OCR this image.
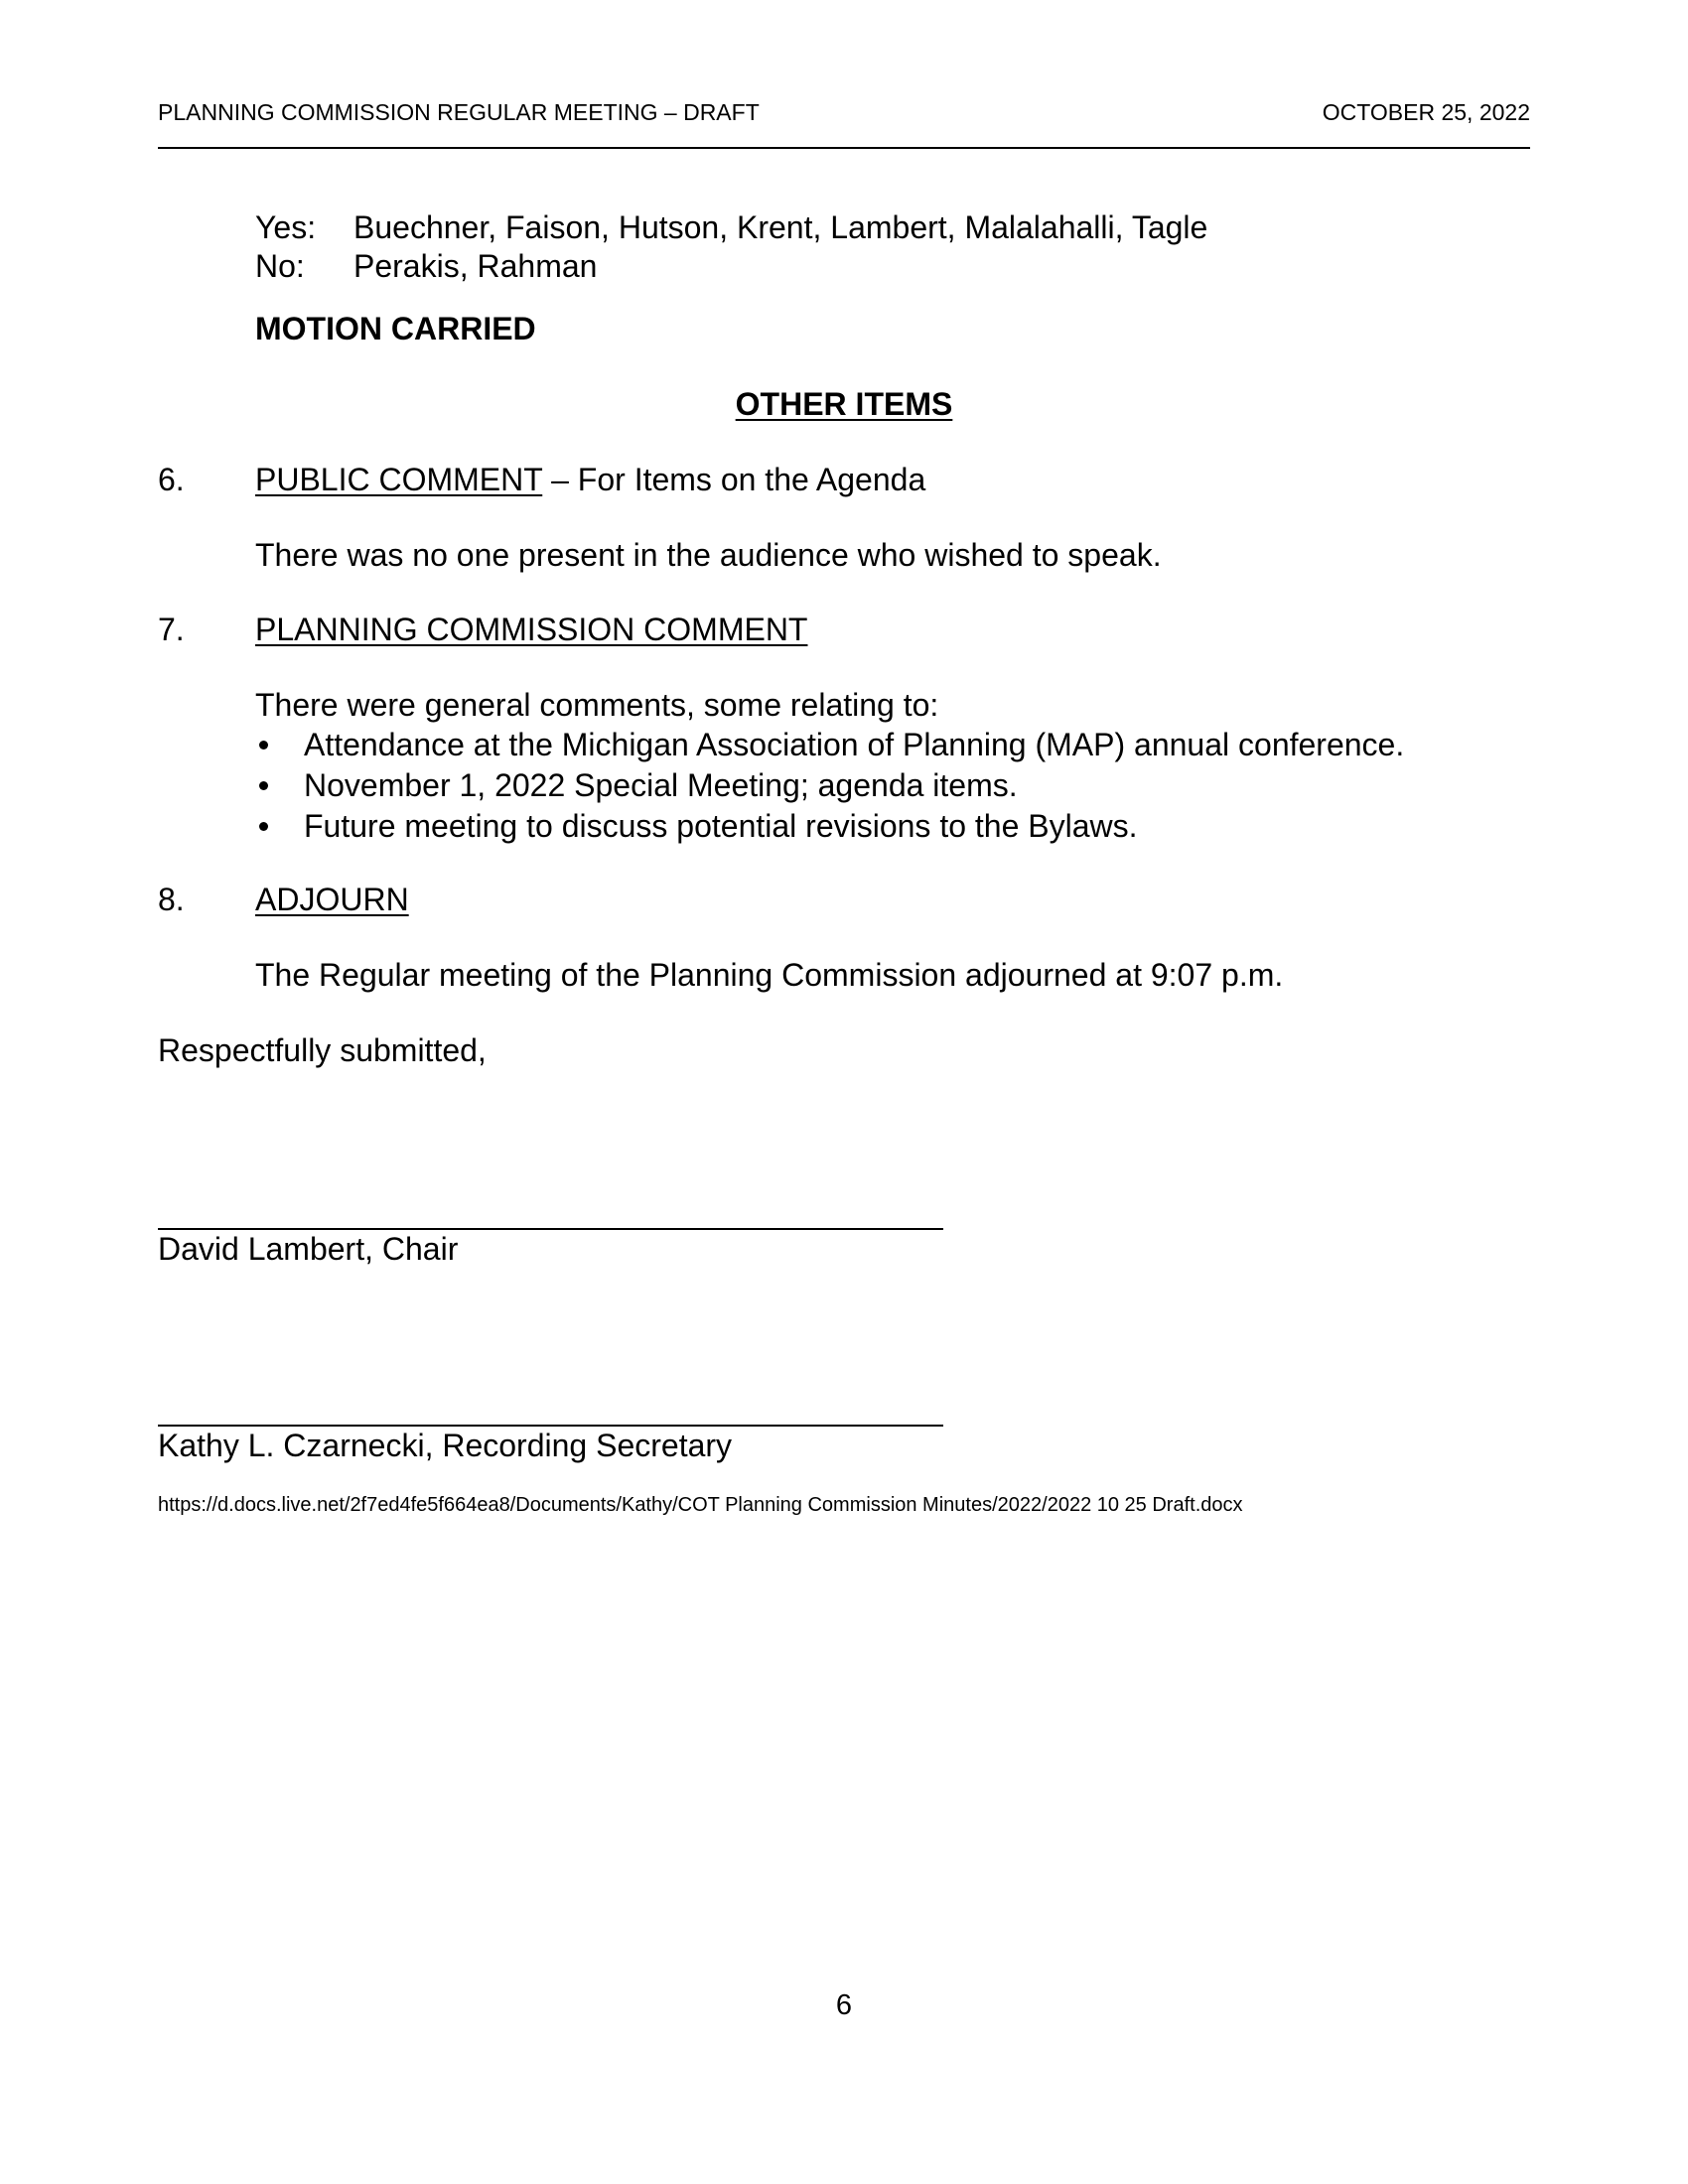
PLANNING COMMISSION REGULAR MEETING – DRAFT	OCTOBER 25, 2022
Yes: Buechner, Faison, Hutson, Krent, Lambert, Malalahalli, Tagle
No: Perakis, Rahman
MOTION CARRIED
OTHER ITEMS
6. PUBLIC COMMENT – For Items on the Agenda
There was no one present in the audience who wished to speak.
7. PLANNING COMMISSION COMMENT
There were general comments, some relating to:
Attendance at the Michigan Association of Planning (MAP) annual conference.
November 1, 2022 Special Meeting; agenda items.
Future meeting to discuss potential revisions to the Bylaws.
8. ADJOURN
The Regular meeting of the Planning Commission adjourned at 9:07 p.m.
Respectfully submitted,
David Lambert, Chair
Kathy L. Czarnecki, Recording Secretary
https://d.docs.live.net/2f7ed4fe5f664ea8/Documents/Kathy/COT Planning Commission Minutes/2022/2022 10 25 Draft.docx
6
